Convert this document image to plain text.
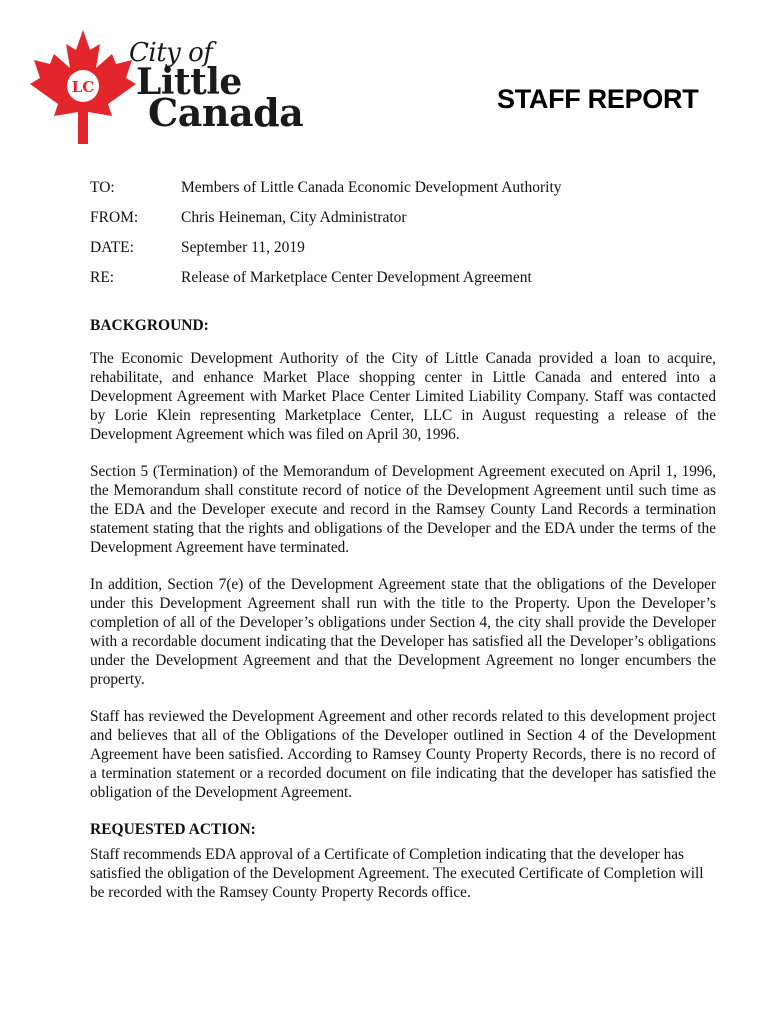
LC
City of
Little
Canada	STAFF REPORT
TO:	Members of Little Canada Economic Development Authority
FROM:	Chris Heineman, City Administrator
DATE:	September 11, 2019
RE:	Release of Marketplace Center Development Agreement
BACKGROUND:

The Economic Development Authority of the City of Little Canada provided a loan to acquire, rehabilitate, and enhance Market Place shopping center in Little Canada and entered into a Development Agreement with Market Place Center Limited Liability Company. Staff was contacted by Lorie Klein representing Marketplace Center, LLC in August requesting a release of the Development Agreement which was filed on April 30, 1996.

Section 5 (Termination) of the Memorandum of Development Agreement executed on April 1, 1996, the Memorandum shall constitute record of notice of the Development Agreement until such time as the EDA and the Developer execute and record in the Ramsey County Land Records a termination statement stating that the rights and obligations of the Developer and the EDA under the terms of the Development Agreement have terminated.

In addition, Section 7(e) of the Development Agreement state that the obligations of the Developer under this Development Agreement shall run with the title to the Property. Upon the Developer’s completion of all of the Developer’s obligations under Section 4, the city shall provide the Developer with a recordable document indicating that the Developer has satisfied all the Developer’s obligations under the Development Agreement and that the Development Agreement no longer encumbers the property.

Staff has reviewed the Development Agreement and other records related to this development project and believes that all of the Obligations of the Developer outlined in Section 4 of the Development Agreement have been satisfied. According to Ramsey County Property Records, there is no record of a termination statement or a recorded document on file indicating that the developer has satisfied the obligation of the Development Agreement.

REQUESTED ACTION:

Staff recommends EDA approval of a Certificate of Completion indicating that the developer has satisfied the obligation of the Development Agreement. The executed Certificate of Completion will be recorded with the Ramsey County Property Records office.
